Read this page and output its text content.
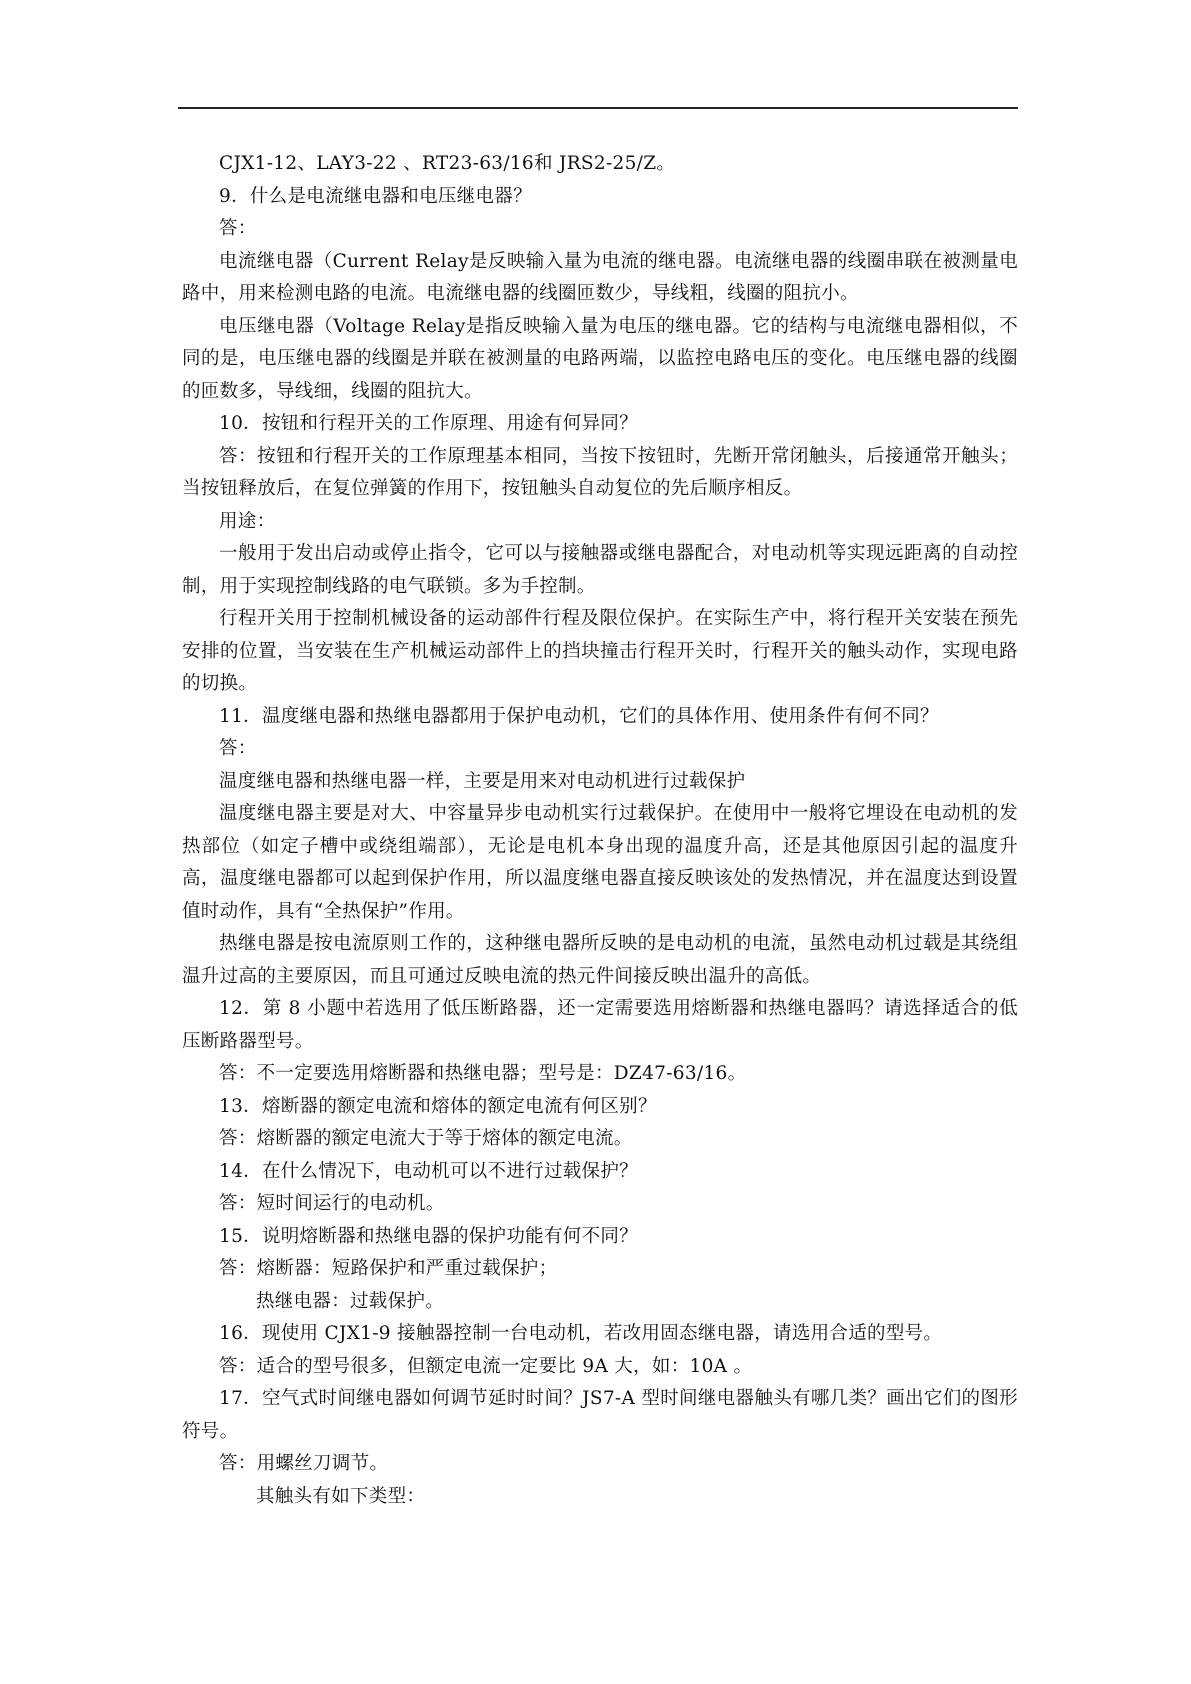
CJX1-12、LAY3-22 、RT23-63/16和 JRS2-25/Z。

9．什么是电流继电器和电压继电器？

答：

电流继电器（Current Relay是反映输入量为电流的继电器。电流继电器的线圈串联在被测量电路中，用来检测电路的电流。电流继电器的线圈匝数少，导线粗，线圈的阻抗小。

电压继电器（Voltage Relay是指反映输入量为电压的继电器。它的结构与电流继电器相似，不同的是，电压继电器的线圈是并联在被测量的电路两端，以监控电路电压的变化。电压继电器的线圈的匝数多，导线细，线圈的阻抗大。

10．按钮和行程开关的工作原理、用途有何异同？

答：按钮和行程开关的工作原理基本相同，当按下按钮时，先断开常闭触头，后接通常开触头；当按钮释放后，在复位弹簧的作用下，按钮触头自动复位的先后顺序相反。

用途：

一般用于发出启动或停止指令，它可以与接触器或继电器配合，对电动机等实现远距离的自动控制，用于实现控制线路的电气联锁。多为手控制。

行程开关用于控制机械设备的运动部件行程及限位保护。在实际生产中，将行程开关安装在预先安排的位置，当安装在生产机械运动部件上的挡块撞击行程开关时，行程开关的触头动作，实现电路的切换。

11．温度继电器和热继电器都用于保护电动机，它们的具体作用、使用条件有何不同？

答：

温度继电器和热继电器一样，主要是用来对电动机进行过载保护

温度继电器主要是对大、中容量异步电动机实行过载保护。在使用中一般将它埋设在电动机的发热部位（如定子槽中或绕组端部），无论是电机本身出现的温度升高，还是其他原因引起的温度升高，温度继电器都可以起到保护作用，所以温度继电器直接反映该处的发热情况，并在温度达到设置值时动作，具有“全热保护”作用。

热继电器是按电流原则工作的，这种继电器所反映的是电动机的电流，虽然电动机过载是其绕组温升过高的主要原因，而且可通过反映电流的热元件间接反映出温升的高低。

12．第 8 小题中若选用了低压断路器，还一定需要选用熔断器和热继电器吗？请选择适合的低压断路器型号。

答：不一定要选用熔断器和热继电器；型号是：DZ47-63/16。

13．熔断器的额定电流和熔体的额定电流有何区别？

答：熔断器的额定电流大于等于熔体的额定电流。

14．在什么情况下，电动机可以不进行过载保护？

答：短时间运行的电动机。

15．说明熔断器和热继电器的保护功能有何不同？

答：熔断器：短路保护和严重过载保护；

热继电器：过载保护。

16．现使用 CJX1-9 接触器控制一台电动机，若改用固态继电器，请选用合适的型号。

答：适合的型号很多，但额定电流一定要比 9A 大，如：10A 。

17．空气式时间继电器如何调节延时时间？JS7-A 型时间继电器触头有哪几类？画出它们的图形符号。

答：用螺丝刀调节。

其触头有如下类型：
